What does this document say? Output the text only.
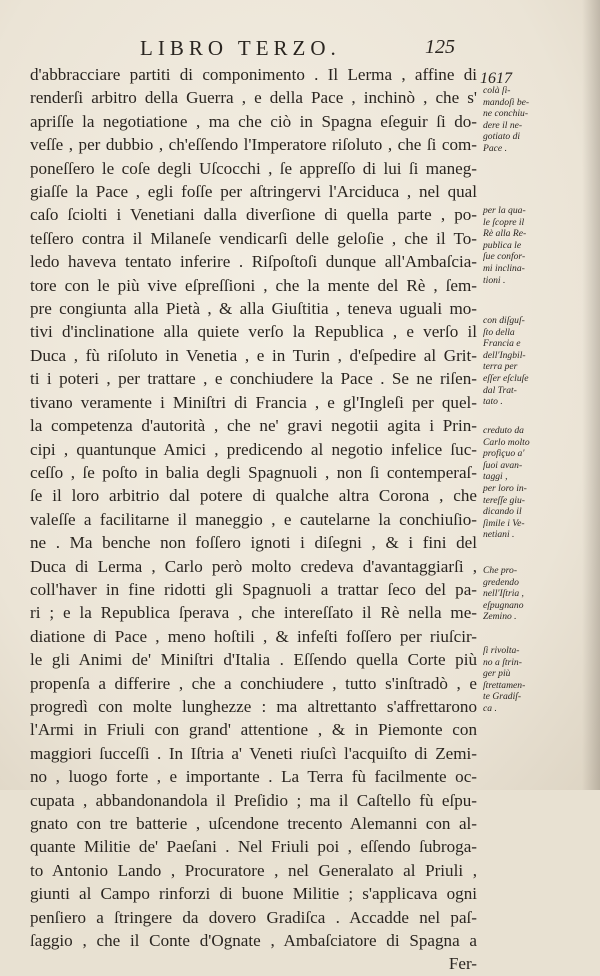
LIBRO TERZO.	125
d'abbracciare partiti di componimento . Il Lerma , affine di
renderſi arbitro della Guerra , e della Pace , inchinò , che s'
apriſſe la negotiatione , ma che ciò in Spagna eſeguir ſi do-
veſſe , per dubbio , ch'eſſendo l'Imperatore riſoluto , che ſi com-
poneſſero le coſe degli Uſcocchi , ſe appreſſo di lui ſi maneg-
giaſſe la Pace , egli foſſe per aſtringervi l'Arciduca , nel qual
caſo ſciolti i Venetiani dalla diverſione di quella parte , po-
teſſero contra il Milaneſe vendicarſi delle geloſie , che il To-
ledo haveva tentato inferire . Riſpoſtoſi dunque all'Ambaſcia-
tore con le più vive eſpreſſioni , che la mente del Rè , ſem-
pre congiunta alla Pietà , & alla Giuſtitia , teneva uguali mo-
tivi d'inclinatione alla quiete verſo la Republica , e verſo il
Duca , fù riſoluto in Venetia , e in Turin , d'eſpedire al Grit-
ti i poteri , per trattare , e conchiudere la Pace . Se ne riſen-
tivano veramente i Miniſtri di Francia , e gl'Ingleſi per quel-
la competenza d'autorità , che ne' gravi negotii agita i Prin-
cipi , quantunque Amici , predicendo al negotio infelice ſuc-
ceſſo , ſe poſto in balia degli Spagnuoli , non ſi contemperaſ-
ſe il loro arbitrio dal potere di qualche altra Corona , che
valeſſe a facilitarne il maneggio , e cautelarne la conchiuſio-
ne . Ma benche non foſſero ignoti i diſegni , & i fini del
Duca di Lerma , Carlo però molto credeva d'avantaggiarſi ,
coll'haver in fine ridotti gli Spagnuoli a trattar ſeco del pa-
ri ; e la Republica ſperava , che intereſſato il Rè nella me-
diatione di Pace , meno hoſtili , & infeſti foſſero per riuſcir-
le gli Animi de' Miniſtri d'Italia . Eſſendo quella Corte più
propenſa a differire , che a conchiudere , tutto s'inſtradò , e
progredì con molte lunghezze : ma altrettanto s'affrettarono
l'Armi in Friuli con grand' attentione , & in Piemonte con
maggiori ſucceſſi . In Iſtria a' Veneti riuſcì l'acquiſto di Zemi-
no , luogo forte , e importante . La Terra fù facilmente oc-
cupata , abbandonandola il Preſidio ; ma il Caſtello fù eſpu-
gnato con tre batterie , uſcendone trecento Alemanni con al-
quante Militie de' Paeſani . Nel Friuli poi , eſſendo ſubroga-
to Antonio Lando , Procuratore , nel Generalato al Priuli ,
giunti al Campo rinforzi di buone Militie ; s'applicava ogni
penſiero a ſtringere da dovero Gradiſca . Accadde nel paſ-
ſaggio , che il Conte d'Ognate , Ambaſciatore di Spagna a
Fer-
1617
colà ſi-
mandoſi be-
ne conchiu-
dere il ne-
gotiato di
Pace .
per la qua-
le ſcopre il
Rè alla Re-
publica le
ſue confor-
mi inclina-
tioni .
con diſguſ-
ſto della
Francia e
dell'Ingbil-
terra per
eſſer eſcluſe
dal Trat-
tato .
creduto da
Carlo molto
profiçuo a'
ſuoi avan-
taggi ,
per loro in-
tereſſe giu-
dicando il
ſimile i Ve-
netiani .
Che pro-
gredendo
nell'Iſtria ,
eſpugnano
Zemino .
ſi rivolta-
no a ſtrin-
ger più
ſtrettamen-
te Gradiſ-
ca .
